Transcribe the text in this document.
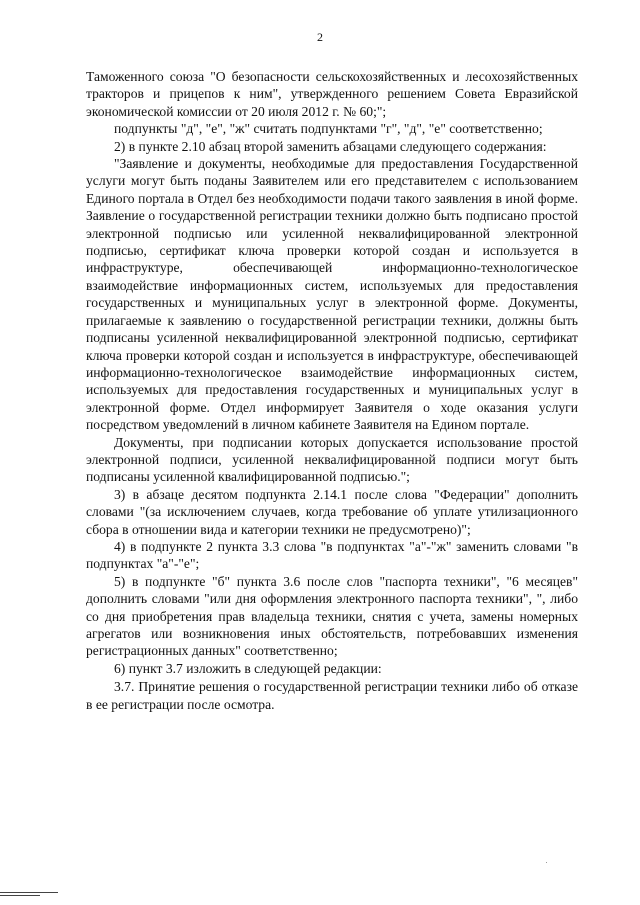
2

Таможенного союза "О безопасности сельскохозяйственных и лесохозяйственных тракторов и прицепов к ним", утвержденного решением Совета Евразийской экономической комиссии от 20 июля 2012 г. № 60;";

подпункты "д", "е", "ж" считать подпунктами "г", "д", "е" соответственно;

2) в пункте 2.10 абзац второй заменить абзацами следующего содержания:

"Заявление и документы, необходимые для предоставления Государственной услуги могут быть поданы Заявителем или его представителем с использованием Единого портала в Отдел без необходимости подачи такого заявления в иной форме. Заявление о государственной регистрации техники должно быть подписано простой электронной подписью или усиленной неквалифицированной электронной подписью, сертификат ключа проверки которой создан и используется в инфраструктуре, обеспечивающей информационно-технологическое взаимодействие информационных систем, используемых для предоставления государственных и муниципальных услуг в электронной форме. Документы, прилагаемые к заявлению о государственной регистрации техники, должны быть подписаны усиленной неквалифицированной электронной подписью, сертификат ключа проверки которой создан и используется в инфраструктуре, обеспечивающей информационно-технологическое взаимодействие информационных систем, используемых для предоставления государственных и муниципальных услуг в электронной форме. Отдел информирует Заявителя о ходе оказания услуги посредством уведомлений в личном кабинете Заявителя на Едином портале.

Документы, при подписании которых допускается использование простой электронной подписи, усиленной неквалифицированной подписи могут быть подписаны усиленной квалифицированной подписью.";

3) в абзаце десятом подпункта 2.14.1 после слова "Федерации" дополнить словами "(за исключением случаев, когда требование об уплате утилизационного сбора в отношении вида и категории техники не предусмотрено)";

4) в подпункте 2 пункта 3.3 слова "в подпунктах "а"-"ж" заменить словами "в подпунктах "а"-"е";

5) в подпункте "б" пункта 3.6 после слов "паспорта техники", "6 месяцев" дополнить словами "или дня оформления электронного паспорта техники", ", либо со дня приобретения прав владельца техники, снятия с учета, замены номерных агрегатов или возникновения иных обстоятельств, потребовавших изменения регистрационных данных" соответственно;

6) пункт 3.7 изложить в следующей редакции:

3.7. Принятие решения о государственной регистрации техники либо об отказе в ее регистрации после осмотра.
